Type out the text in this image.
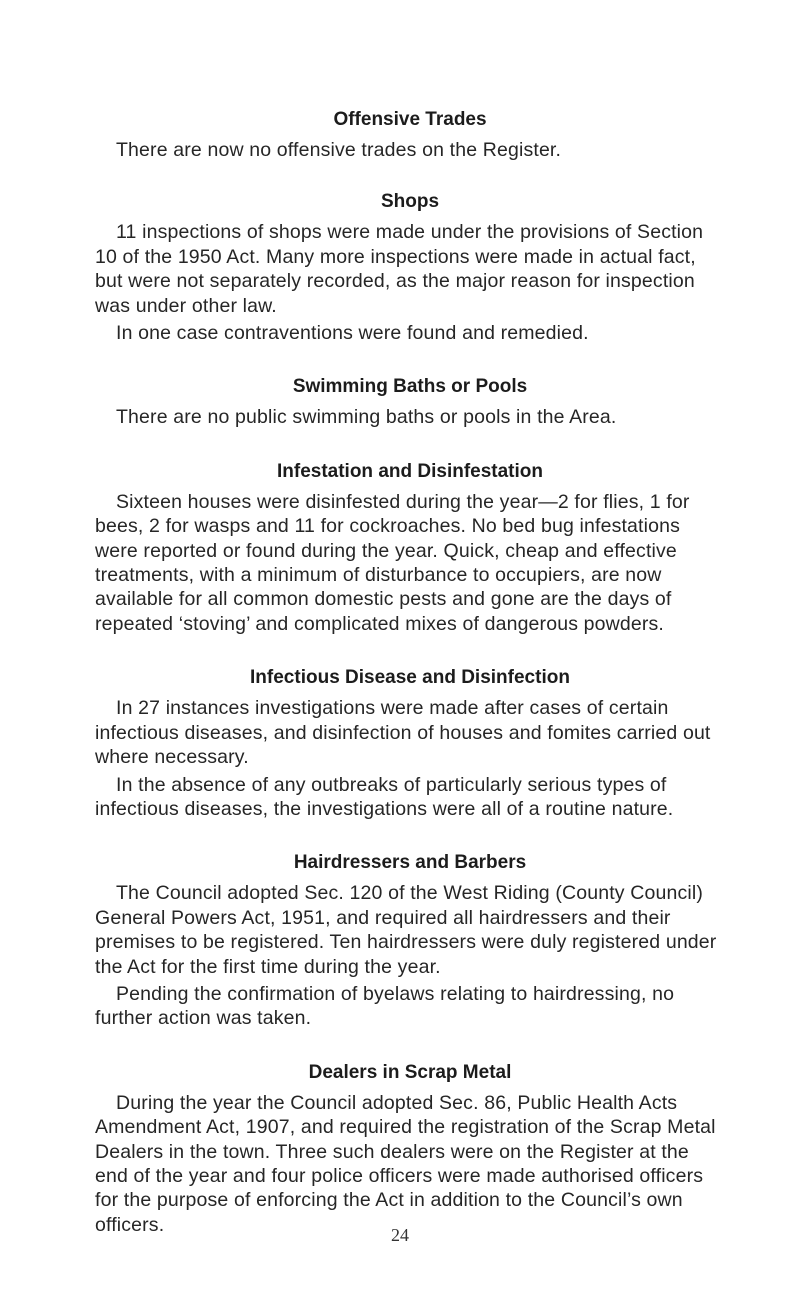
Offensive Trades

There are now no offensive trades on the Register.

Shops

11 inspections of shops were made under the provisions of Section 10 of the 1950 Act. Many more inspections were made in actual fact, but were not separately recorded, as the major reason for inspection was under other law.

In one case contraventions were found and remedied.

Swimming Baths or Pools

There are no public swimming baths or pools in the Area.

Infestation and Disinfestation

Sixteen houses were disinfested during the year—2 for flies, 1 for bees, 2 for wasps and 11 for cockroaches. No bed bug infestations were reported or found during the year. Quick, cheap and effective treatments, with a minimum of disturbance to occupiers, are now available for all common domestic pests and gone are the days of repeated ‘stoving’ and complicated mixes of dangerous powders.

Infectious Disease and Disinfection

In 27 instances investigations were made after cases of certain infectious diseases, and disinfection of houses and fomites carried out where necessary.

In the absence of any outbreaks of particularly serious types of infectious diseases, the investigations were all of a routine nature.

Hairdressers and Barbers

The Council adopted Sec. 120 of the West Riding (County Council) General Powers Act, 1951, and required all hairdressers and their premises to be registered. Ten hairdressers were duly registered under the Act for the first time during the year.

Pending the confirmation of byelaws relating to hairdressing, no further action was taken.

Dealers in Scrap Metal

During the year the Council adopted Sec. 86, Public Health Acts Amendment Act, 1907, and required the registration of the Scrap Metal Dealers in the town. Three such dealers were on the Register at the end of the year and four police officers were made authorised officers for the purpose of enforcing the Act in addition to the Council’s own officers.	24
